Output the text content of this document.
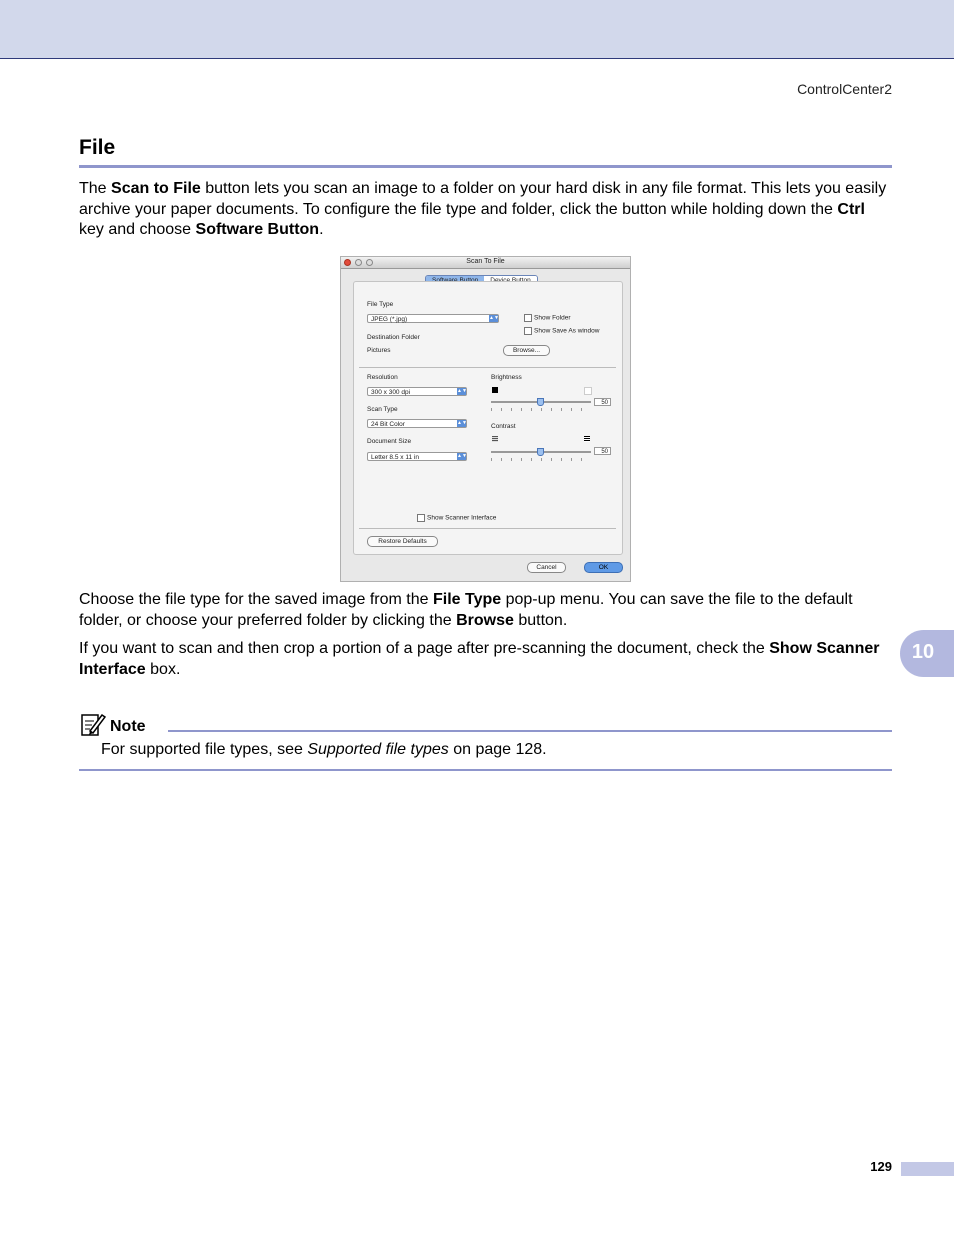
ControlCenter2
File
The Scan to File button lets you scan an image to a folder on your hard disk in any file format. This lets you easily archive your paper documents. To configure the file type and folder, click the button while holding down the Ctrl key and choose Software Button.
Scan To File
File Type
JPEG (*.jpg)	▲▼	Show Folder
Show Save As window
Destination Folder
Pictures	Browse...
Resolution
300 x 300 dpi	▲▼
Scan Type
24 Bit Color	▲▼
Document Size
Letter 8.5 x 11 in	▲▼
Brightness
50
Contrast
50
Show Scanner Interface
Restore Defaults
Cancel	OK
Choose the file type for the saved image from the File Type pop-up menu. You can save the file to the default folder, or choose your preferred folder by clicking the Browse button.
If you want to scan and then crop a portion of a page after pre-scanning the document, check the Show Scanner Interface box.
10
Note
For supported file types, see Supported file types on page 128.
129
